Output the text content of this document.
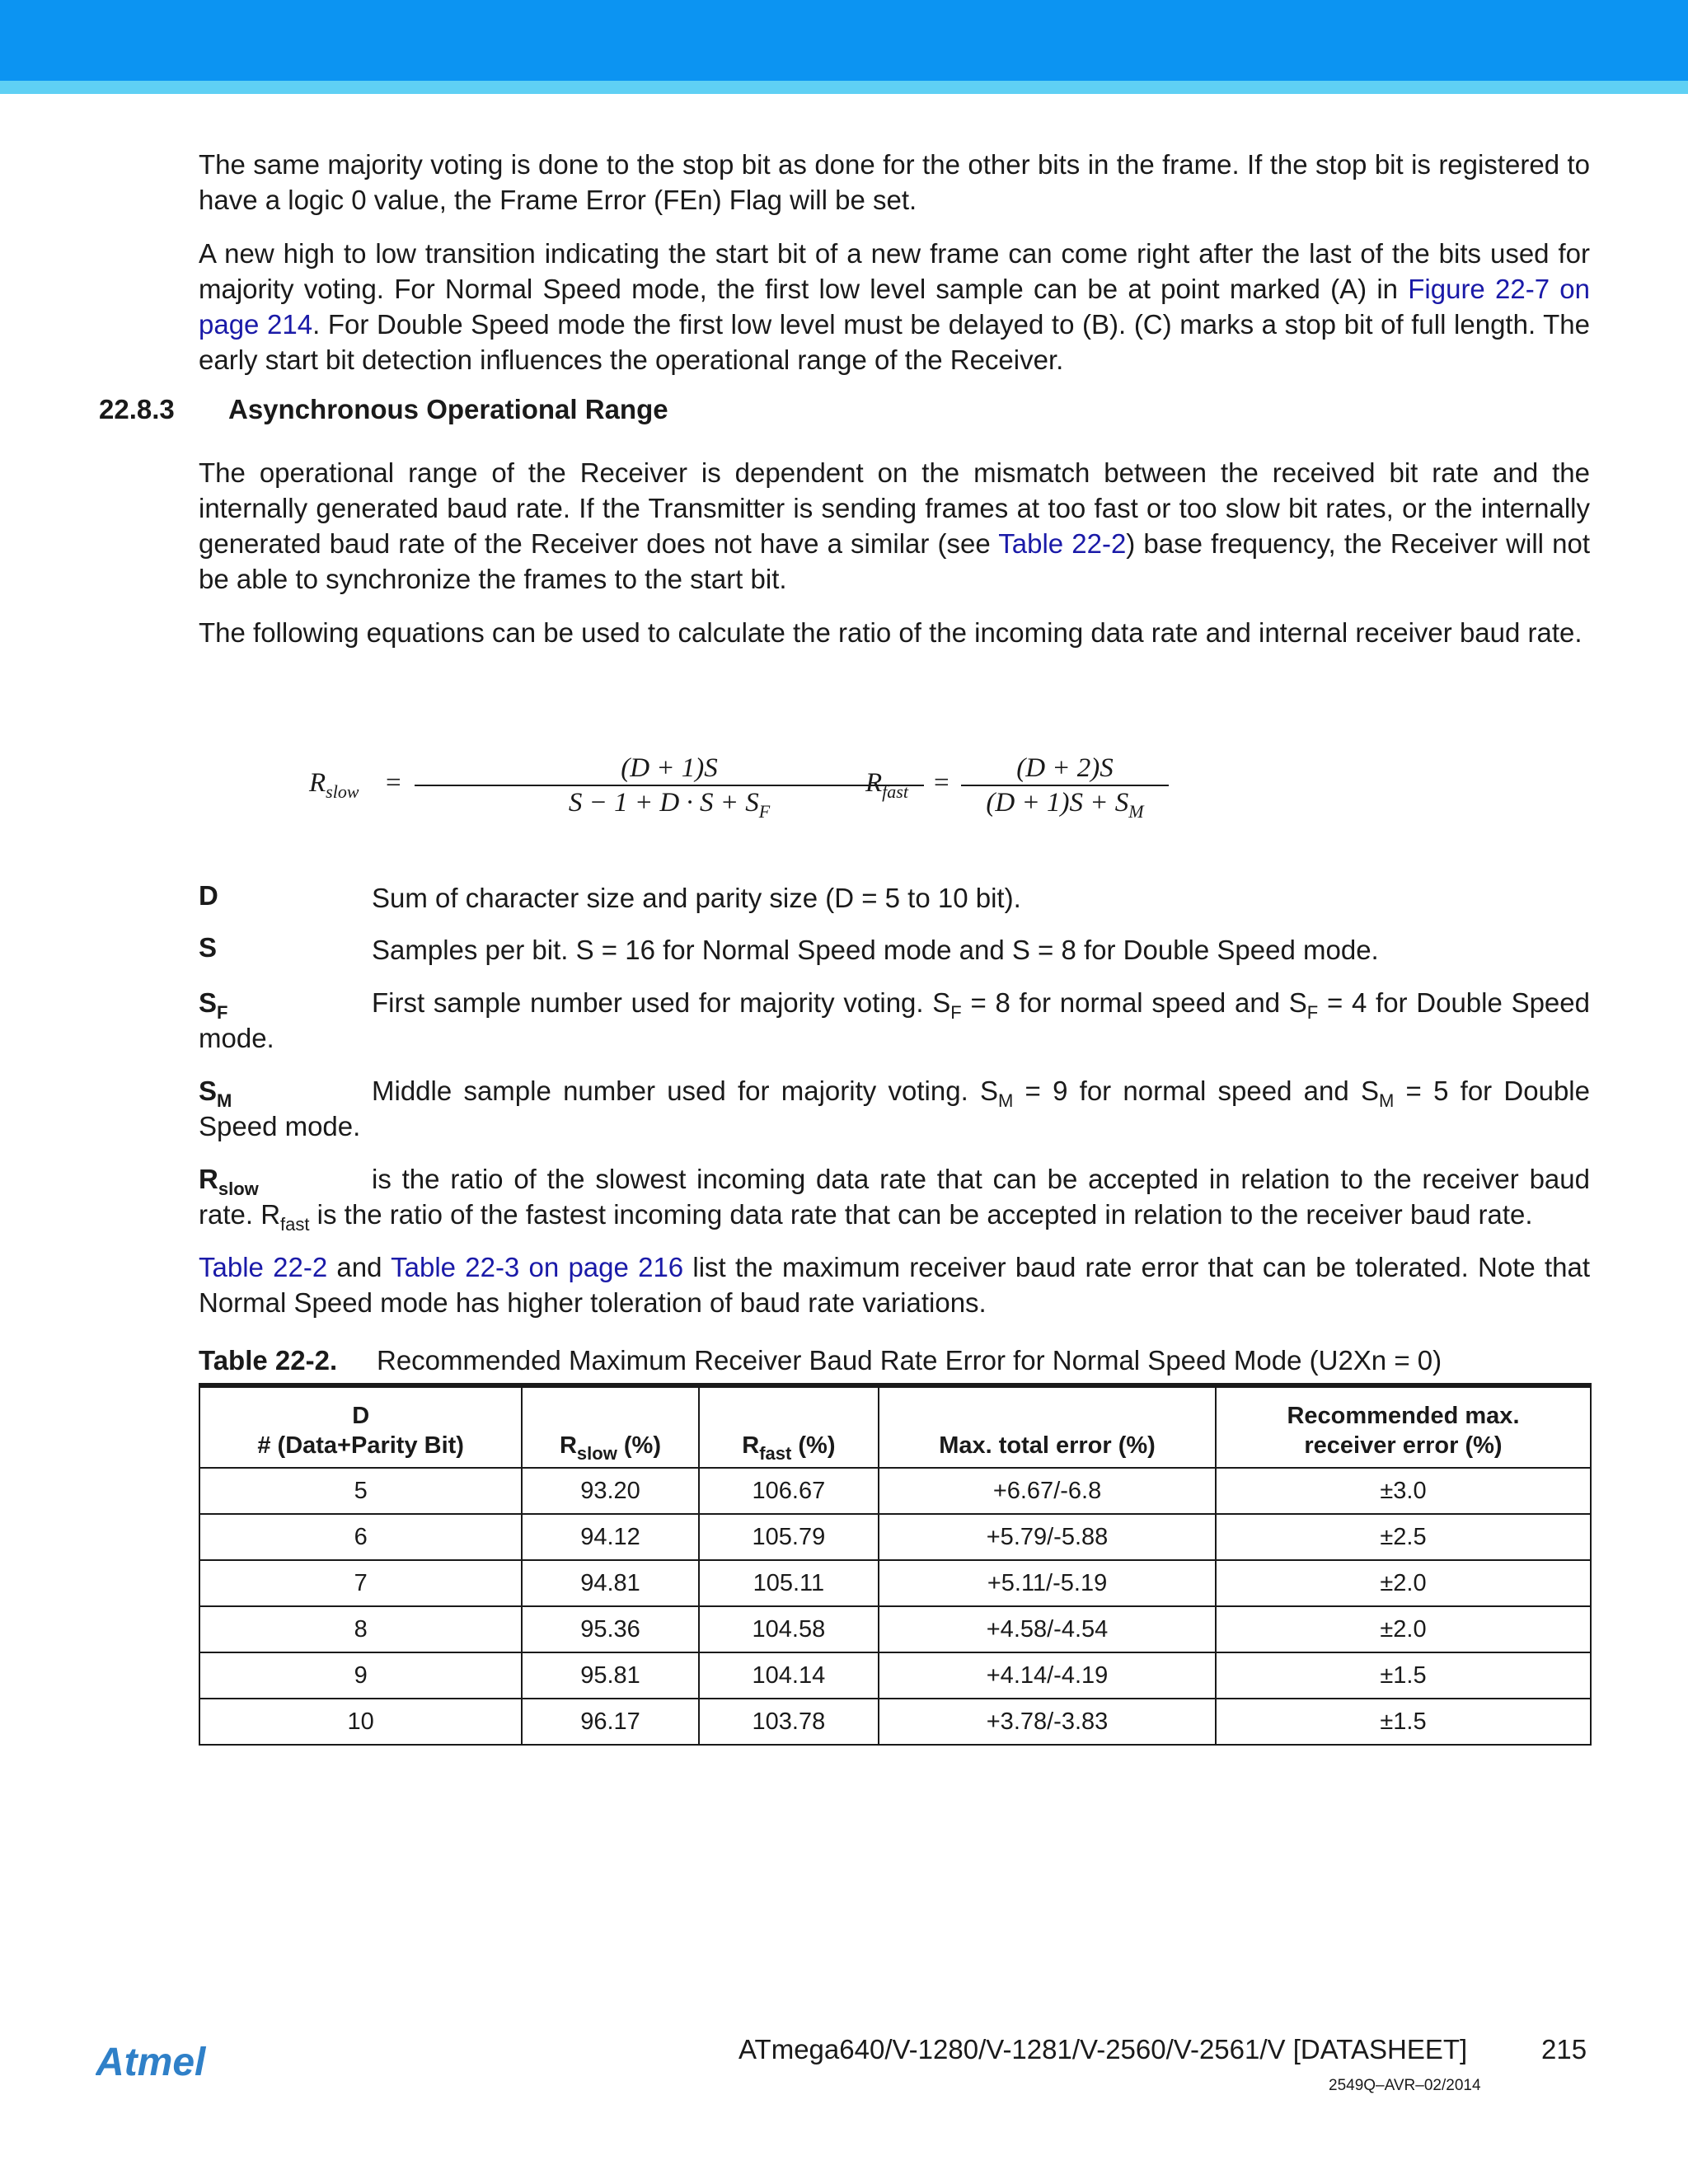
The same majority voting is done to the stop bit as done for the other bits in the frame. If the stop bit is registered to have a logic 0 value, the Frame Error (FEn) Flag will be set.
A new high to low transition indicating the start bit of a new frame can come right after the last of the bits used for majority voting. For Normal Speed mode, the first low level sample can be at point marked (A) in Figure 22-7 on page 214. For Double Speed mode the first low level must be delayed to (B). (C) marks a stop bit of full length. The early start bit detection influences the operational range of the Receiver.
22.8.3 Asynchronous Operational Range
The operational range of the Receiver is dependent on the mismatch between the received bit rate and the internally generated baud rate. If the Transmitter is sending frames at too fast or too slow bit rates, or the internally generated baud rate of the Receiver does not have a similar (see Table 22-2) base frequency, the Receiver will not be able to synchronize the frames to the start bit.
The following equations can be used to calculate the ratio of the incoming data rate and internal receiver baud rate.
$R_{slow}$ =	(D + 1)S
$S - 1 + D \cdot S + S_F$
$R_{fast}$ =	(D + 2)S
$(D + 1)S + S_M$
D	Sum of character size and parity size (D = 5 to 10 bit).
S	Samples per bit. S = 16 for Normal Speed mode and S = 8 for Double Speed mode.
$S_F$	First sample number used for majority voting. $S_F = 8$ for normal speed and $S_F = 4$ for Double Speed mode.
$S_M$	Middle sample number used for majority voting. $S_M = 9$ for normal speed and $S_M = 5$ for Double Speed mode.
$R_{slow}$	is the ratio of the slowest incoming data rate that can be accepted in relation to the receiver baud rate. $R_{fast}$ is the ratio of the fastest incoming data rate that can be accepted in relation to the receiver baud rate.
Table 22-2 and Table 22-3 on page 216 list the maximum receiver baud rate error that can be tolerated. Note that Normal Speed mode has higher toleration of baud rate variations.
Table 22-2. Recommended Maximum Receiver Baud Rate Error for Normal Speed Mode (U2Xn = 0)
D
# (Data+Parity Bit)	$R_{slow}$ (%)	$R_{fast}$ (%)	Max. total error (%)	Recommended max.
receiver error (%)
5	93.20	106.67	+6.67/-6.8	±3.0
6	94.12	105.79	+5.79/-5.88	±2.5
7	94.81	105.11	+5.11/-5.19	±2.0
8	95.36	104.58	+4.58/-4.54	±2.0
9	95.81	104.14	+4.14/-4.19	±1.5
10	96.17	103.78	+3.78/-3.83	±1.5
Atmel	ATmega640/V-1280/V-1281/V-2560/V-2561/V [DATASHEET]	215
2549Q–AVR–02/2014
